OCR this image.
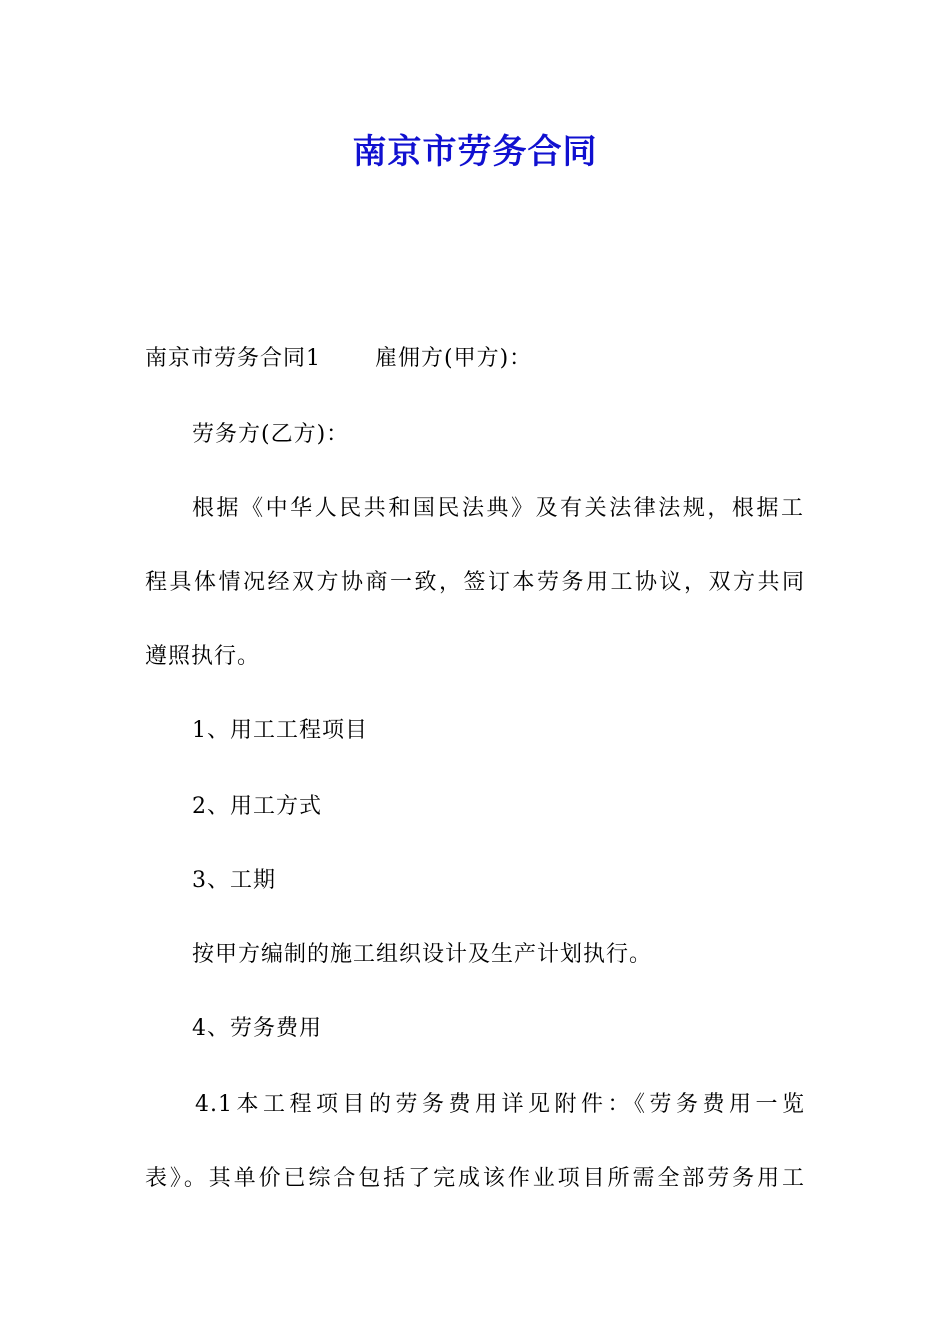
南京市劳务合同
南京市劳务合同1 雇佣方(甲方)：
劳务方(乙方)：
根据《中华人民共和国民法典》及有关法律法规，根据工
程具体情况经双方协商一致，签订本劳务用工协议，双方共同
遵照执行。
1、用工工程项目
2、用工方式
3、工期
按甲方编制的施工组织设计及生产计划执行。
4、劳务费用
4.1本工程项目的劳务费用详见附件：《劳务费用一览
表》。其单价已综合包括了完成该作业项目所需全部劳务用工
